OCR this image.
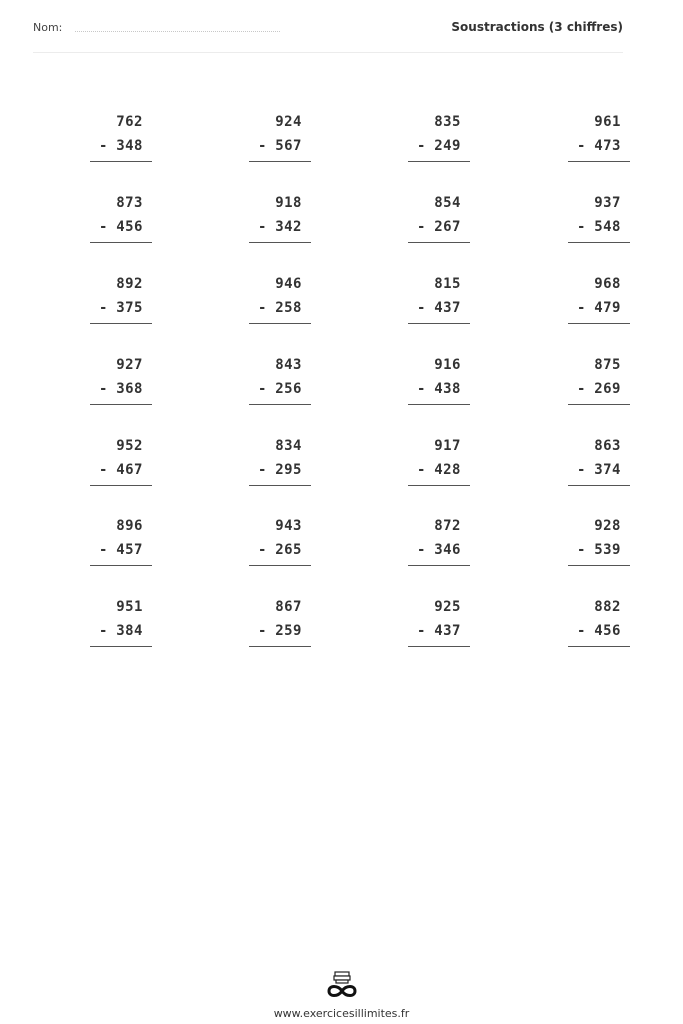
Nom:	Soustractions (3 chiffres)
762
- 348
924
- 567
835
- 249
961
- 473
873
- 456
918
- 342
854
- 267
937
- 548
892
- 375
946
- 258
815
- 437
968
- 479
927
- 368
843
- 256
916
- 438
875
- 269
952
- 467
834
- 295
917
- 428
863
- 374
896
- 457
943
- 265
872
- 346
928
- 539
951
- 384
867
- 259
925
- 437
882
- 456
www.exercicesillimites.fr
